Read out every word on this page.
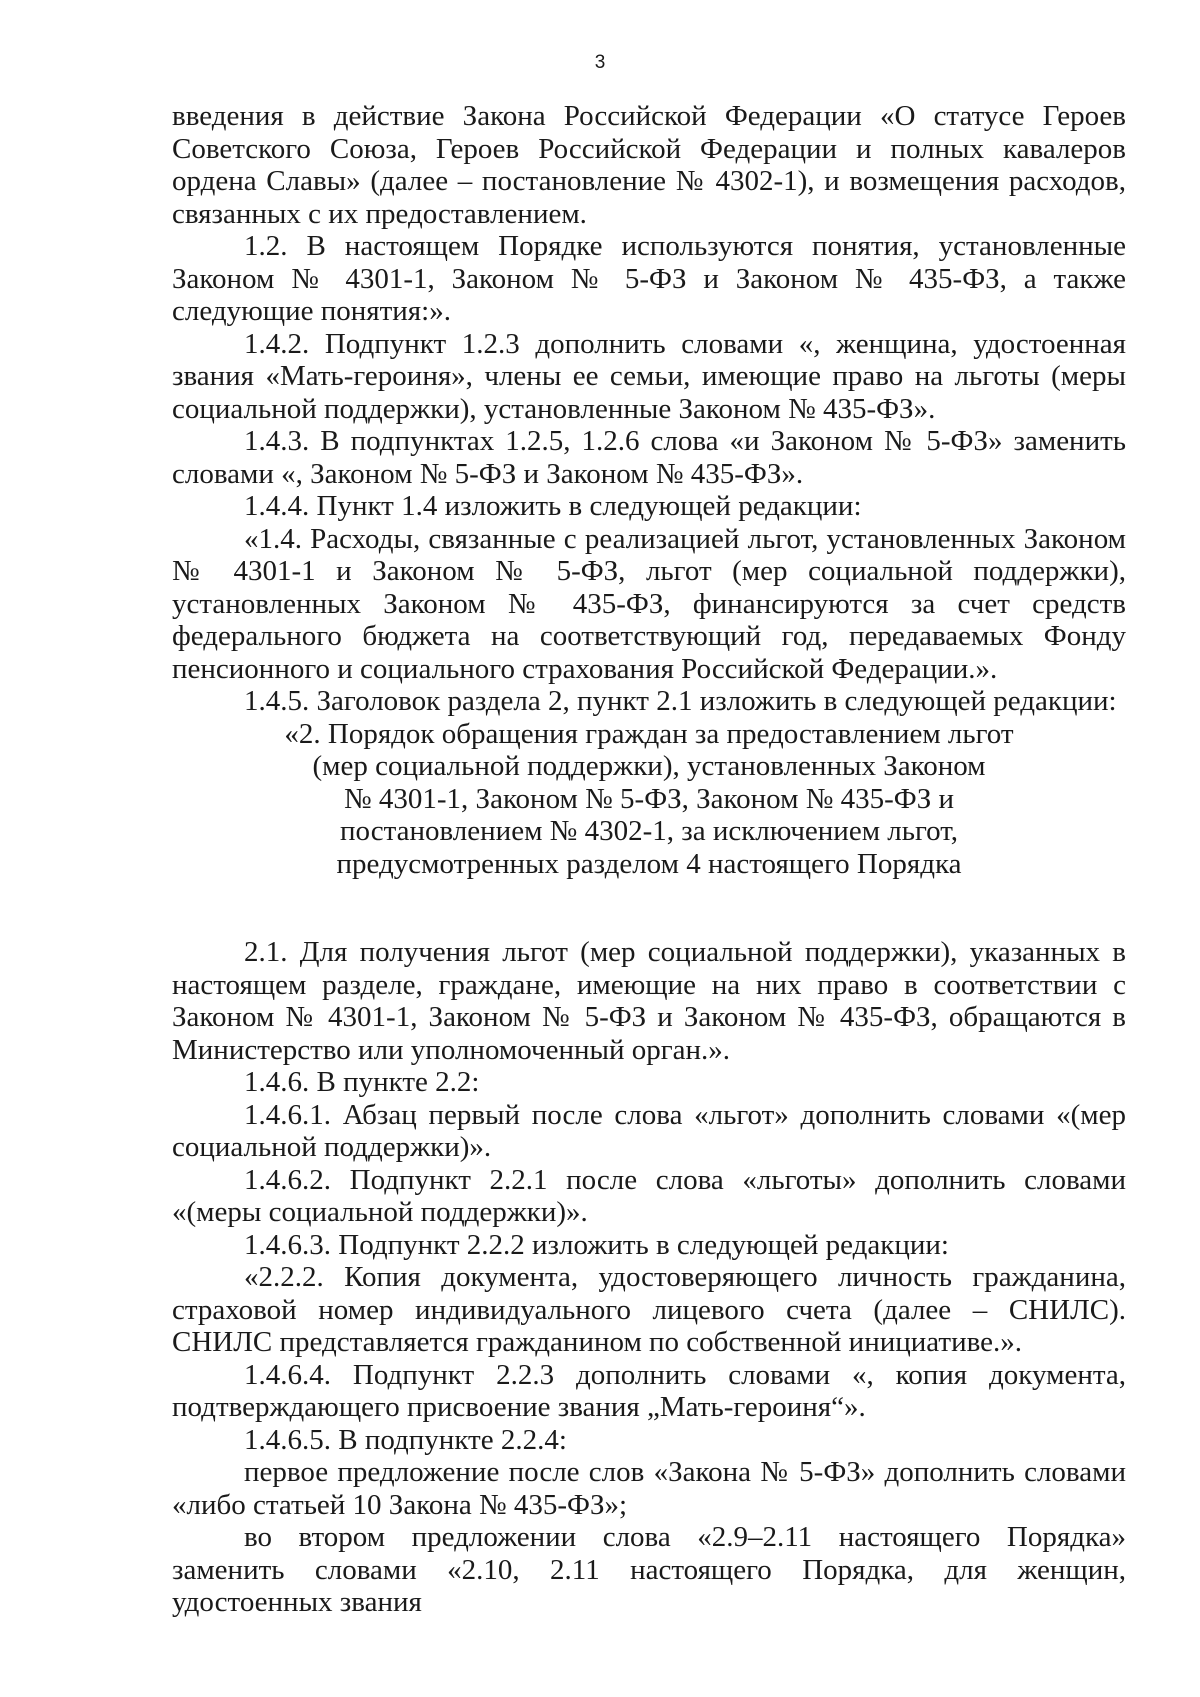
3

введения в действие Закона Российской Федерации «О статусе Героев Советского Союза, Героев Российской Федерации и полных кавалеров ордена Славы» (далее – постановление № 4302-1), и возмещения расходов, связанных с их предоставлением.

1.2. В настоящем Порядке используются понятия, установленные Законом № 4301-1, Законом № 5-ФЗ и Законом № 435-ФЗ, а также следующие понятия:».

1.4.2. Подпункт 1.2.3 дополнить словами «, женщина, удостоенная звания «Мать-героиня», члены ее семьи, имеющие право на льготы (меры социальной поддержки), установленные Законом № 435-ФЗ».

1.4.3. В подпунктах 1.2.5, 1.2.6 слова «и Законом № 5-ФЗ» заменить словами «, Законом № 5-ФЗ и Законом № 435-ФЗ».

1.4.4. Пункт 1.4 изложить в следующей редакции:

«1.4. Расходы, связанные с реализацией льгот, установленных Законом № 4301-1 и Законом № 5-ФЗ, льгот (мер социальной поддержки), установленных Законом № 435-ФЗ, финансируются за счет средств федерального бюджета на соответствующий год, передаваемых Фонду пенсионного и социального страхования Российской Федерации.».

1.4.5. Заголовок раздела 2, пункт 2.1 изложить в следующей редакции:

«2. Порядок обращения граждан за предоставлением льгот
(мер социальной поддержки), установленных Законом
№ 4301-1, Законом № 5-ФЗ, Законом № 435-ФЗ и
постановлением № 4302-1, за исключением льгот,
предусмотренных разделом 4 настоящего Порядка

2.1. Для получения льгот (мер социальной поддержки), указанных в настоящем разделе, граждане, имеющие на них право в соответствии с Законом № 4301-1, Законом № 5-ФЗ и Законом № 435-ФЗ, обращаются в Министерство или уполномоченный орган.».

1.4.6. В пункте 2.2:

1.4.6.1. Абзац первый после слова «льгот» дополнить словами «(мер социальной поддержки)».

1.4.6.2. Подпункт 2.2.1 после слова «льготы» дополнить словами «(меры социальной поддержки)».

1.4.6.3. Подпункт 2.2.2 изложить в следующей редакции:

«2.2.2. Копия документа, удостоверяющего личность гражданина, страховой номер индивидуального лицевого счета (далее – СНИЛС). СНИЛС представляется гражданином по собственной инициативе.».

1.4.6.4. Подпункт 2.2.3 дополнить словами «, копия документа, подтверждающего присвоение звания „Мать-героиня“».

1.4.6.5. В подпункте 2.2.4:

первое предложение после слов «Закона № 5-ФЗ» дополнить словами «либо статьей 10 Закона № 435-ФЗ»;

во втором предложении слова «2.9–2.11 настоящего Порядка» заменить словами «2.10, 2.11 настоящего Порядка, для женщин, удостоенных звания
